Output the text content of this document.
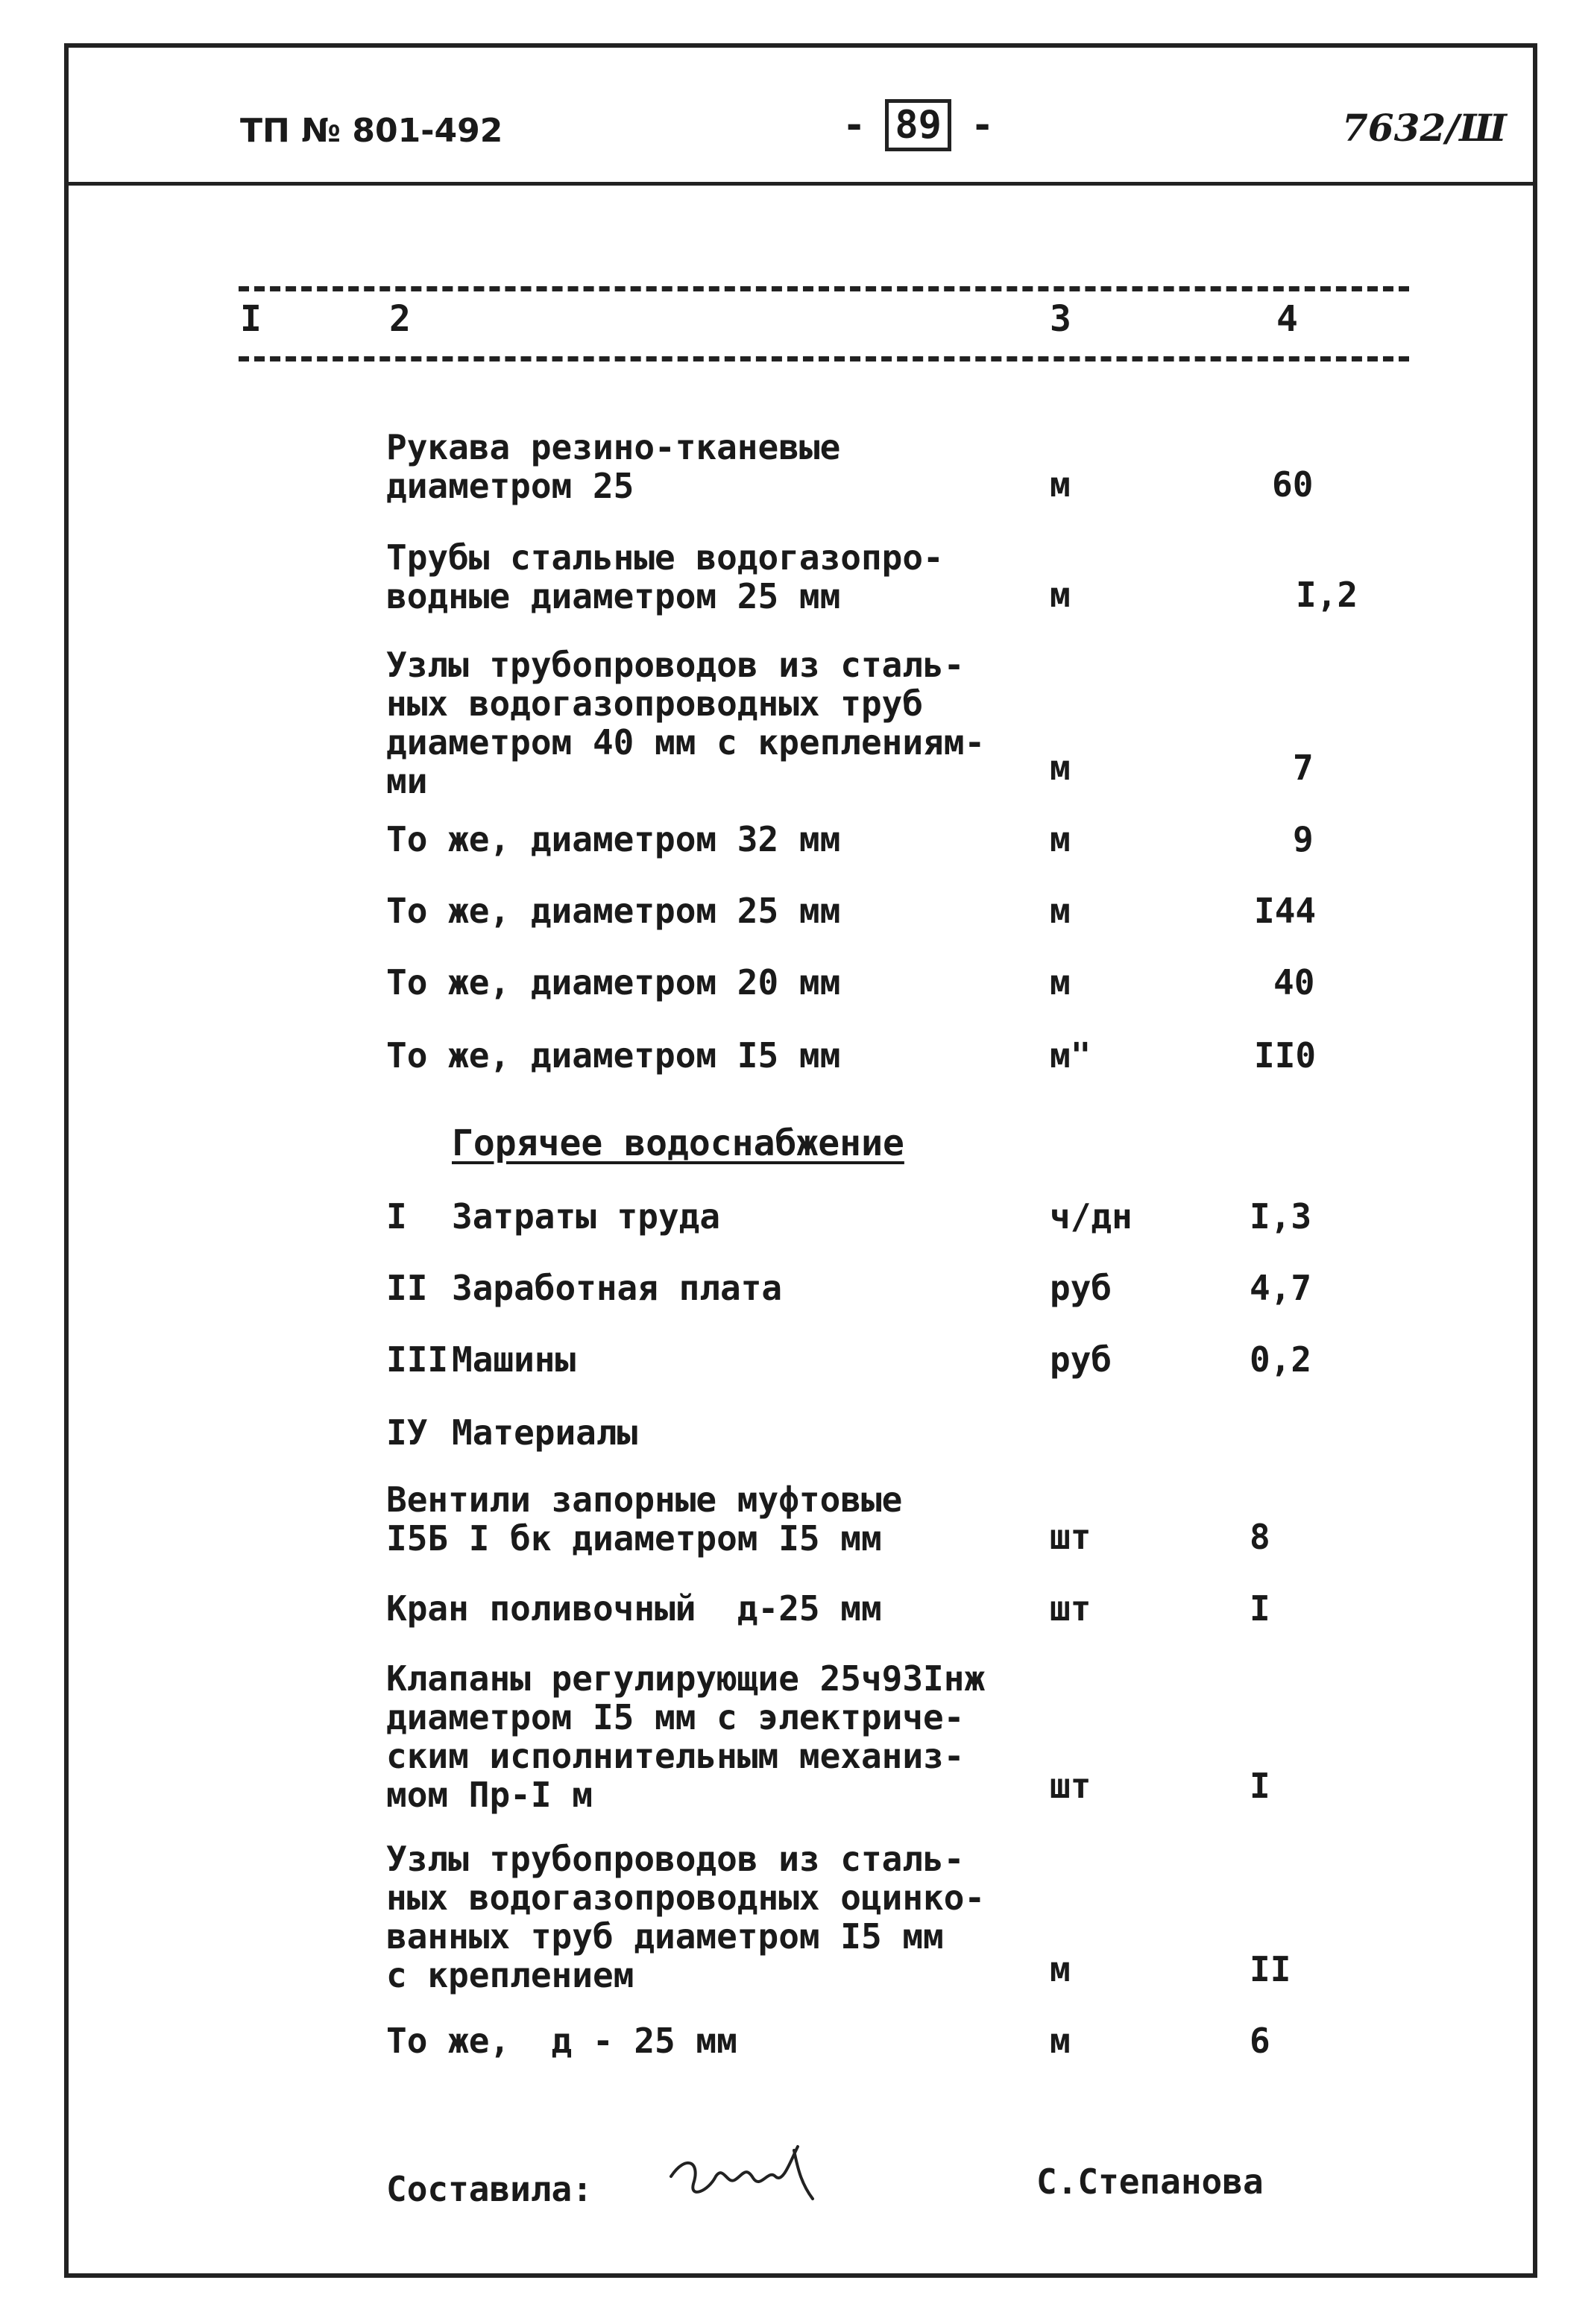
ТП № 801-492	- 89 -	7632/Ш
I	2	3	4
Рукава резино-тканевые
диаметром 25	м	60
Трубы стальные водогазопро-
водные диаметром 25 мм	м	I,2
Узлы трубопроводов из сталь-
ных водогазопроводных труб
диаметром 40 мм с креплениям-
ми	м	7
То же, диаметром 32 мм	м	9
То же, диаметром 25 мм	м	I44
То же, диаметром 20 мм	м	40
То же, диаметром I5 мм	м"	II0
Горячее водоснабжение
I Затраты труда	ч/дн	I,3
II Заработная плата	руб	4,7
III Машины	руб	0,2
IУ Материалы
Вентили запорные муфтовые
I5Б I бк диаметром I5 мм	шт	8
Кран поливочный  д-25 мм	шт	I
Клапаны регулирующие 25ч93Iнж
диаметром I5 мм с электриче-
ским исполнительным механиз-
мом Пр-I м	шт	I
Узлы трубопроводов из сталь-
ных водогазопроводных оцинко-
ванных труб диаметром I5 мм
с креплением	м	II
То же,  д - 25 мм	м	6
Составила:	С.Степанова
